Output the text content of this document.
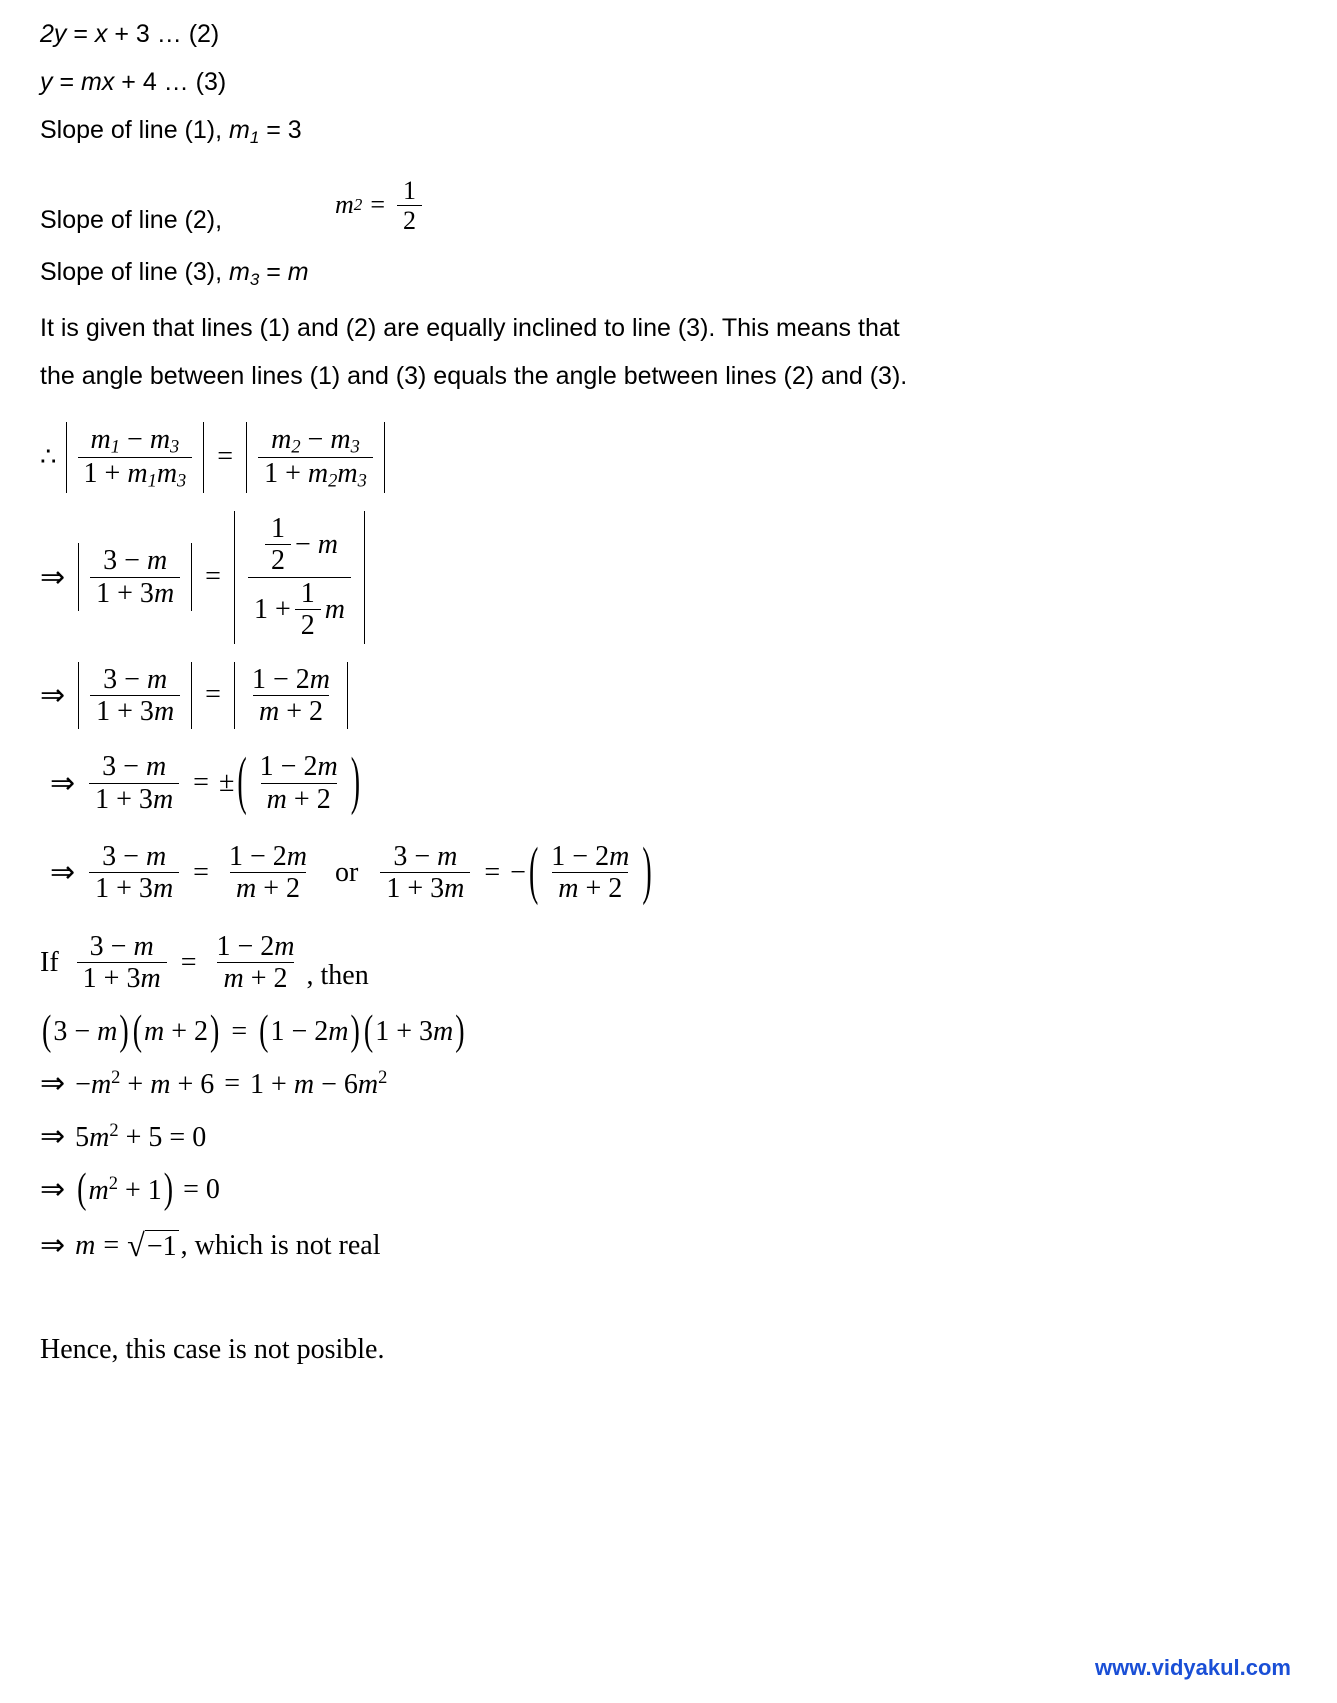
2y = x + 3 … (2)
y = mx + 4 … (3)
Slope of line (1), $m_1 = 3$
Slope of line (2),
m $2 = \frac{1}{2}$
Slope of line (3), $m_3 = m$
It is given that lines (1) and (2) are equally inclined to line (3). This means that
the angle between lines (1) and (3) equals the angle between lines (2) and (3).
∴ $\frac{m1 - m3}{1 + m1m3} = \frac{m2 - m3}{1 + m2m3}$
⇒ $\frac{3 - m}{1 + 3m} = \frac{1}{2} - m$
$1 + \frac{1}{2}$ m
⇒ $\frac{3 - m}{1 + 3m} = \frac{1 - 2m}{m + 2}$
⇒ $\frac{3 - m}{1 + 3m}$ = ± ( $\frac{1 - 2m}{m + 2}$ )
⇒ $\frac{3 - m}{1 + 3m} = \frac{1 - 2m}{m + 2}$ or $\frac{3 - m}{1 + 3m}$ = − ( $\frac{1 - 2m}{m + 2}$ )
If $\frac{3 - m}{1 + 3m} = \frac{1 - 2m}{m + 2}$ , then
( 3 − m ) ( m + 2 ) = ( 1 − 2m ) ( 1 + 3m )
⇒ $-m^2 + m + 6 = 1 + m - 6m^2$
⇒ $5m^2 + 5 = 0$
⇒ ( $m^2 + 1$ ) = 0
⇒ m = √ −1 , which is not real
Hence, this case is not posible.
www.vidyakul.com
